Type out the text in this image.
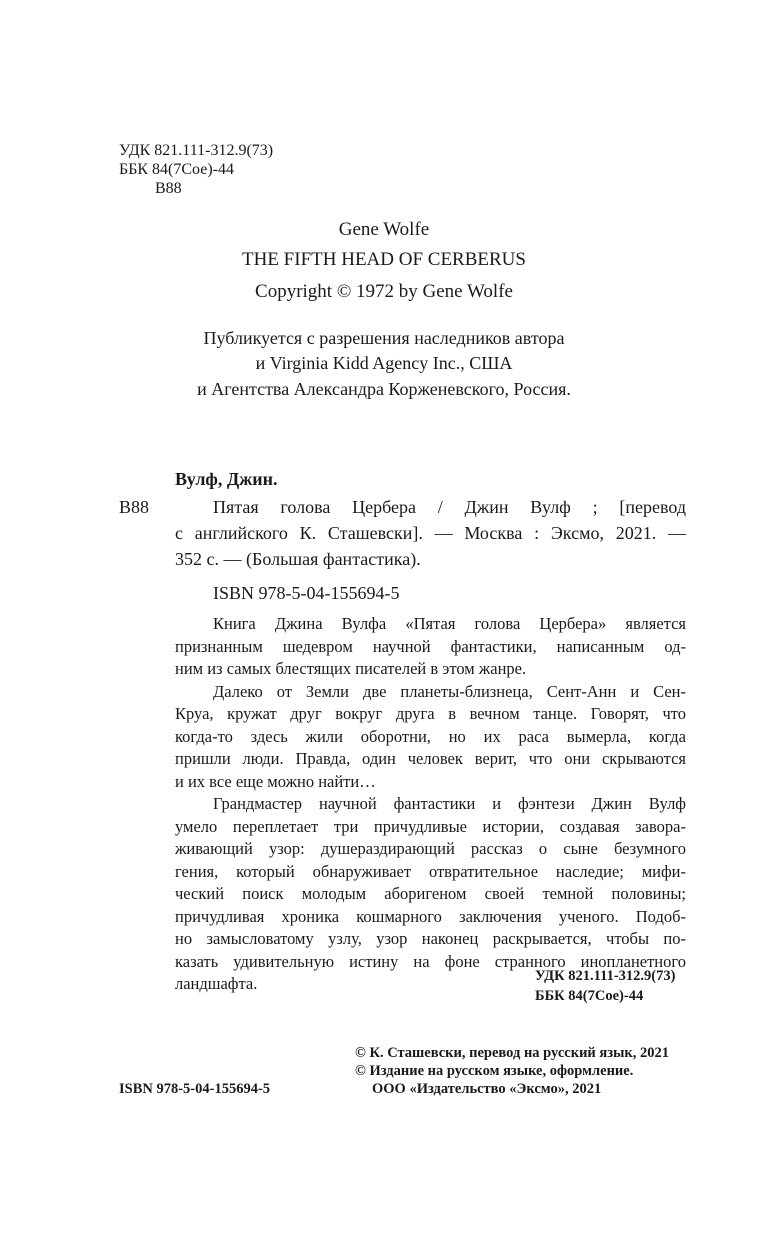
УДК 821.111-312.9(73)
ББК 84(7Сое)-44
В88
Gene Wolfe
THE FIFTH HEAD OF CERBERUS
Copyright © 1972 by Gene Wolfe
Публикуется с разрешения наследников автора
и Virginia Kidd Agency Inc., США
и Агентства Александра Корженевского, Россия.
Вулф, Джин.
В88	Пятая голова Цербера / Джин Вулф ; [перевод
с английского К. Сташевски]. — Москва : Эксмо, 2021. —
352 с. — (Большая фантастика).
ISBN 978-5-04-155694-5
Книга Джина Вулфа «Пятая голова Цербера» является
признанным шедевром научной фантастики, написанным од-
ним из самых блестящих писателей в этом жанре.
Далеко от Земли две планеты-близнеца, Сент-Анн и Сен-
Круа, кружат друг вокруг друга в вечном танце. Говорят, что
когда-то здесь жили оборотни, но их раса вымерла, когда
пришли люди. Правда, один человек верит, что они скрываются
и их все еще можно найти…
Грандмастер научной фантастики и фэнтези Джин Вулф
умело переплетает три причудливые истории, создавая завора-
живающий узор: душераздирающий рассказ о сыне безумного
гения, который обнаруживает отвратительное наследие; мифи-
ческий поиск молодым аборигеном своей темной половины;
причудливая хроника кошмарного заключения ученого. Подоб-
но замысловатому узлу, узор наконец раскрывается, чтобы по-
казать удивительную истину на фоне странного инопланетного
ландшафта.	УДК 821.111-312.9(73)
ББК 84(7Сое)-44
© К. Сташевски, перевод на русский язык, 2021
© Издание на русском языке, оформление.
ISBN 978-5-04-155694-5	ООО «Издательство «Эксмо», 2021
